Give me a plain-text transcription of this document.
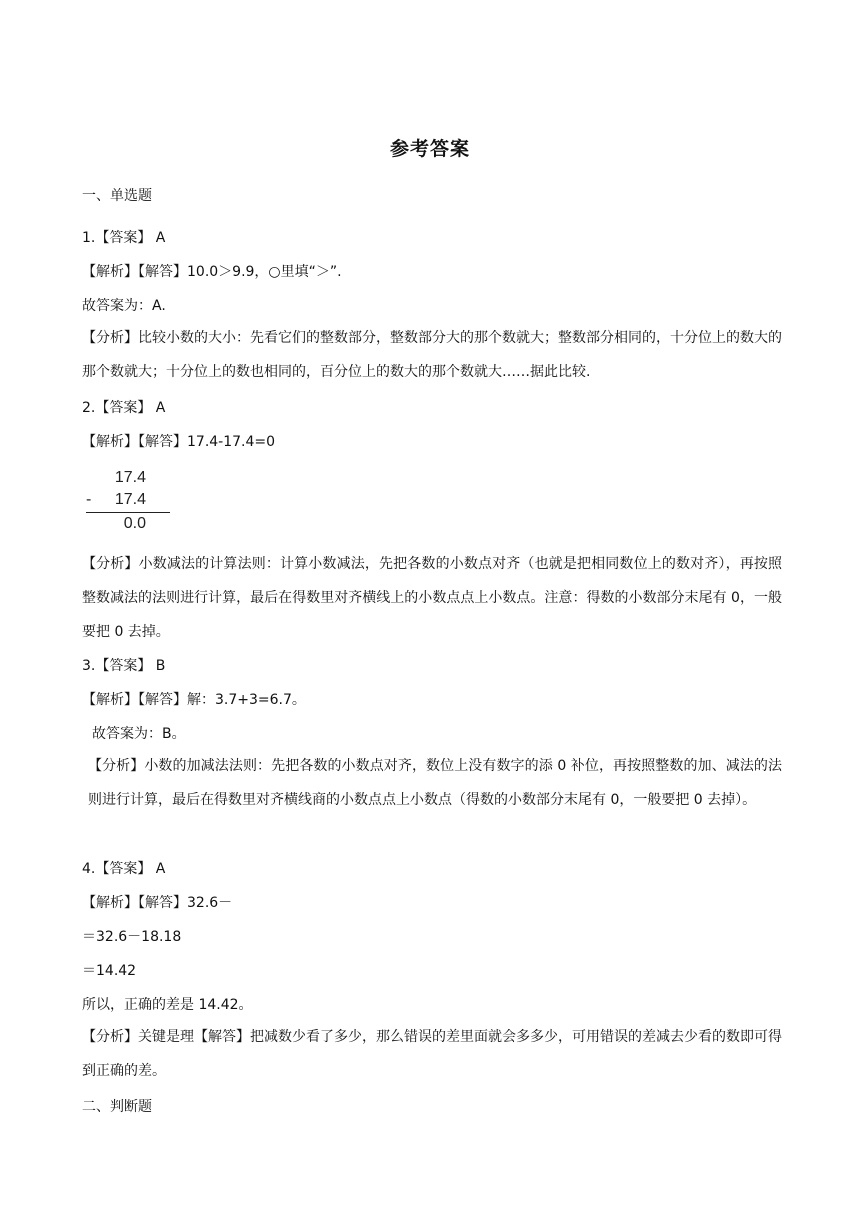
参考答案
一、单选题
1.【答案】 A
【解析】【解答】10.0＞9.9，○里填“＞”.
故答案为：A.
【分析】比较小数的大小：先看它们的整数部分，整数部分大的那个数就大；整数部分相同的，十分位上的数大的那个数就大；十分位上的数也相同的，百分位上的数大的那个数就大……据此比较.
2.【答案】 A
【解析】【解答】17.4-17.4=0
17.4
- 17.4
0.0
【分析】小数减法的计算法则：计算小数减法，先把各数的小数点对齐（也就是把相同数位上的数对齐），再按照整数减法的法则进行计算，最后在得数里对齐横线上的小数点点上小数点。注意：得数的小数部分末尾有 0，一般要把 0 去掉。
3.【答案】 B
【解析】【解答】解：3.7+3=6.7。
故答案为：B。
【分析】小数的加减法法则：先把各数的小数点对齐，数位上没有数字的添 0 补位，再按照整数的加、减法的法则进行计算，最后在得数里对齐横线商的小数点点上小数点（得数的小数部分末尾有 0，一般要把 0 去掉）。
4.【答案】 A
【解析】【解答】32.6－
＝32.6－18.18
＝14.42
所以，正确的差是 14.42。
【分析】关键是理【解答】把减数少看了多少，那么错误的差里面就会多多少，可用错误的差减去少看的数即可得到正确的差。
二、判断题
